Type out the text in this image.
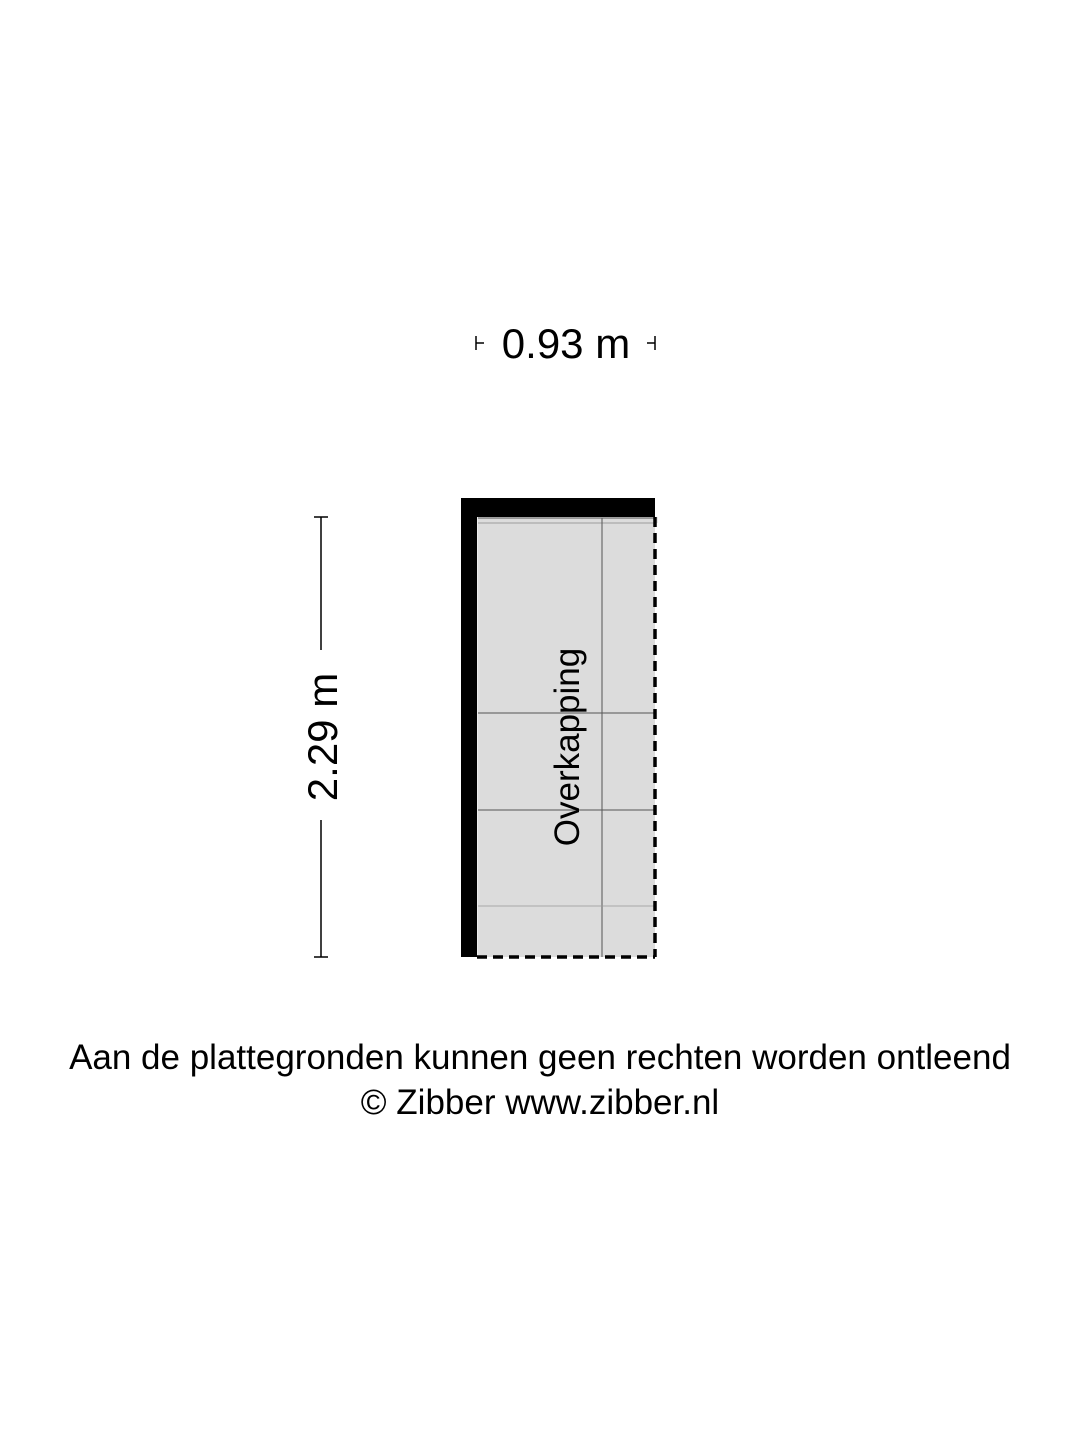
0.93 m
2.29 m	Overkapping
Aan de plattegronden kunnen geen rechten worden ontleend
© Zibber www.zibber.nl
